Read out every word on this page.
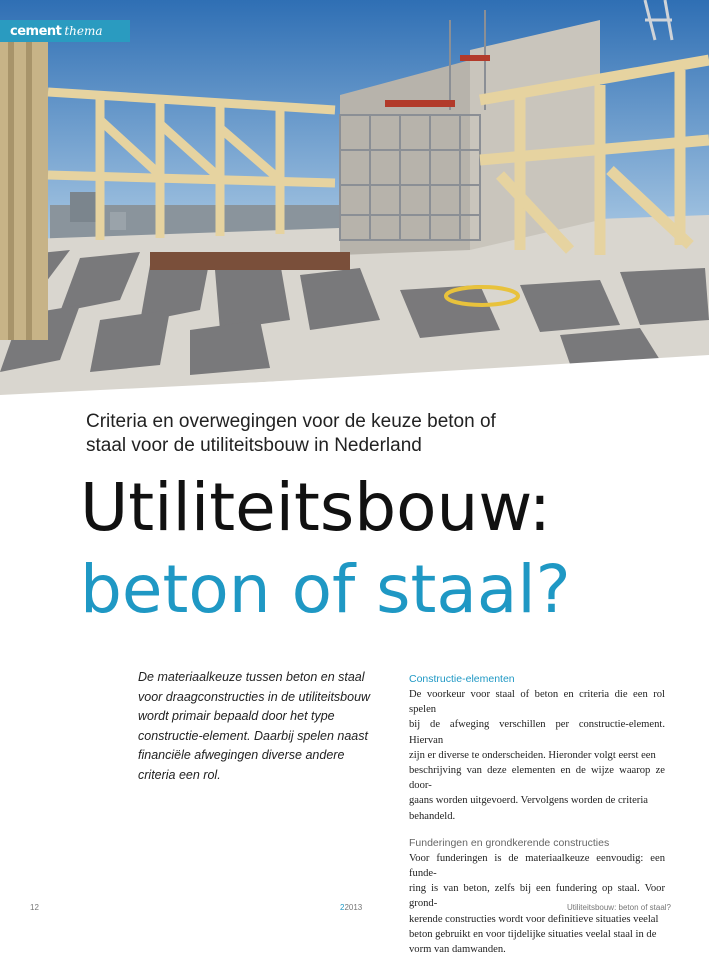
cement thema
Criteria en overwegingen voor de keuze beton of
staal voor de utiliteitsbouw in Nederland
Utiliteitsbouw:
beton of staal?
De materiaalkeuze tussen beton en staal
voor draagconstructies in de utiliteitsbouw
wordt primair bepaald door het type
constructie-element. Daarbij spelen naast
financiële afwegingen diverse andere
criteria een rol.
Constructie-elementen
De voorkeur voor staal of beton en criteria die een rol spelen
bij de afweging verschillen per constructie-element. Hiervan
zijn er diverse te onderscheiden. Hieronder volgt eerst een
beschrijving van deze elementen en de wijze waarop ze door-
gaans worden uitgevoerd. Vervolgens worden de criteria
behandeld.
Funderingen en grondkerende constructies
Voor funderingen is de materiaalkeuze eenvoudig: een funde-
ring is van beton, zelfs bij een fundering op staal. Voor grond-
kerende constructies wordt voor definitieve situaties veelal
beton gebruikt en voor tijdelijke situaties veelal staal in de
vorm van damwanden.
12	22013	Utiliteitsbouw: beton of staal?
